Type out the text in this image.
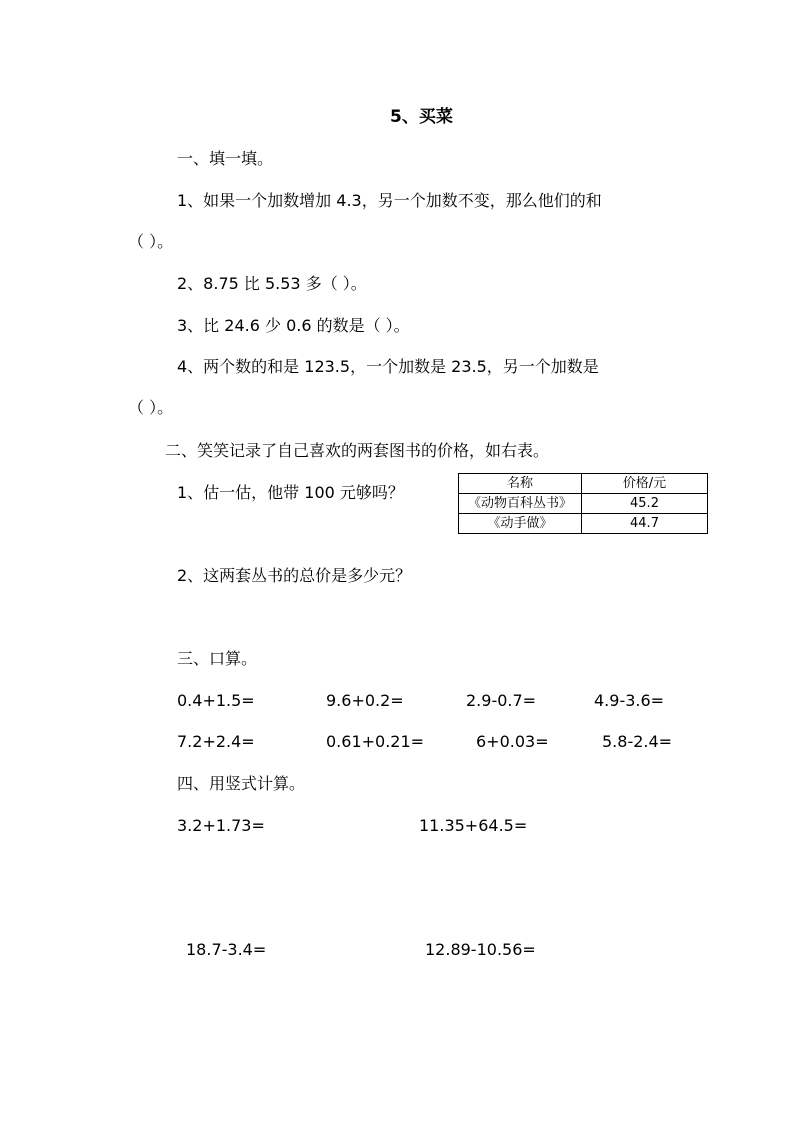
5、买菜
一、填一填。
1、如果一个加数增加 4.3，另一个加数不变，那么他们的和
（ ）。
2、8.75 比 5.53 多（ ）。
3、比 24.6 少 0.6 的数是（ ）。
4、两个数的和是 123.5，一个加数是 23.5，另一个加数是
（ ）。
二、笑笑记录了自己喜欢的两套图书的价格，如右表。
1、估一估，他带 100 元够吗？	名称	价格/元
《动物百科丛书》	45.2
《动手做》	44.7
2、这两套丛书的总价是多少元？
三、口算。
0.4+1.5=	9.6+0.2=	2.9-0.7=	4.9-3.6=
7.2+2.4=	0.61+0.21=	6+0.03=	5.8-2.4=
四、用竖式计算。
3.2+1.73=	11.35+64.5=
18.7-3.4=	12.89-10.56=
